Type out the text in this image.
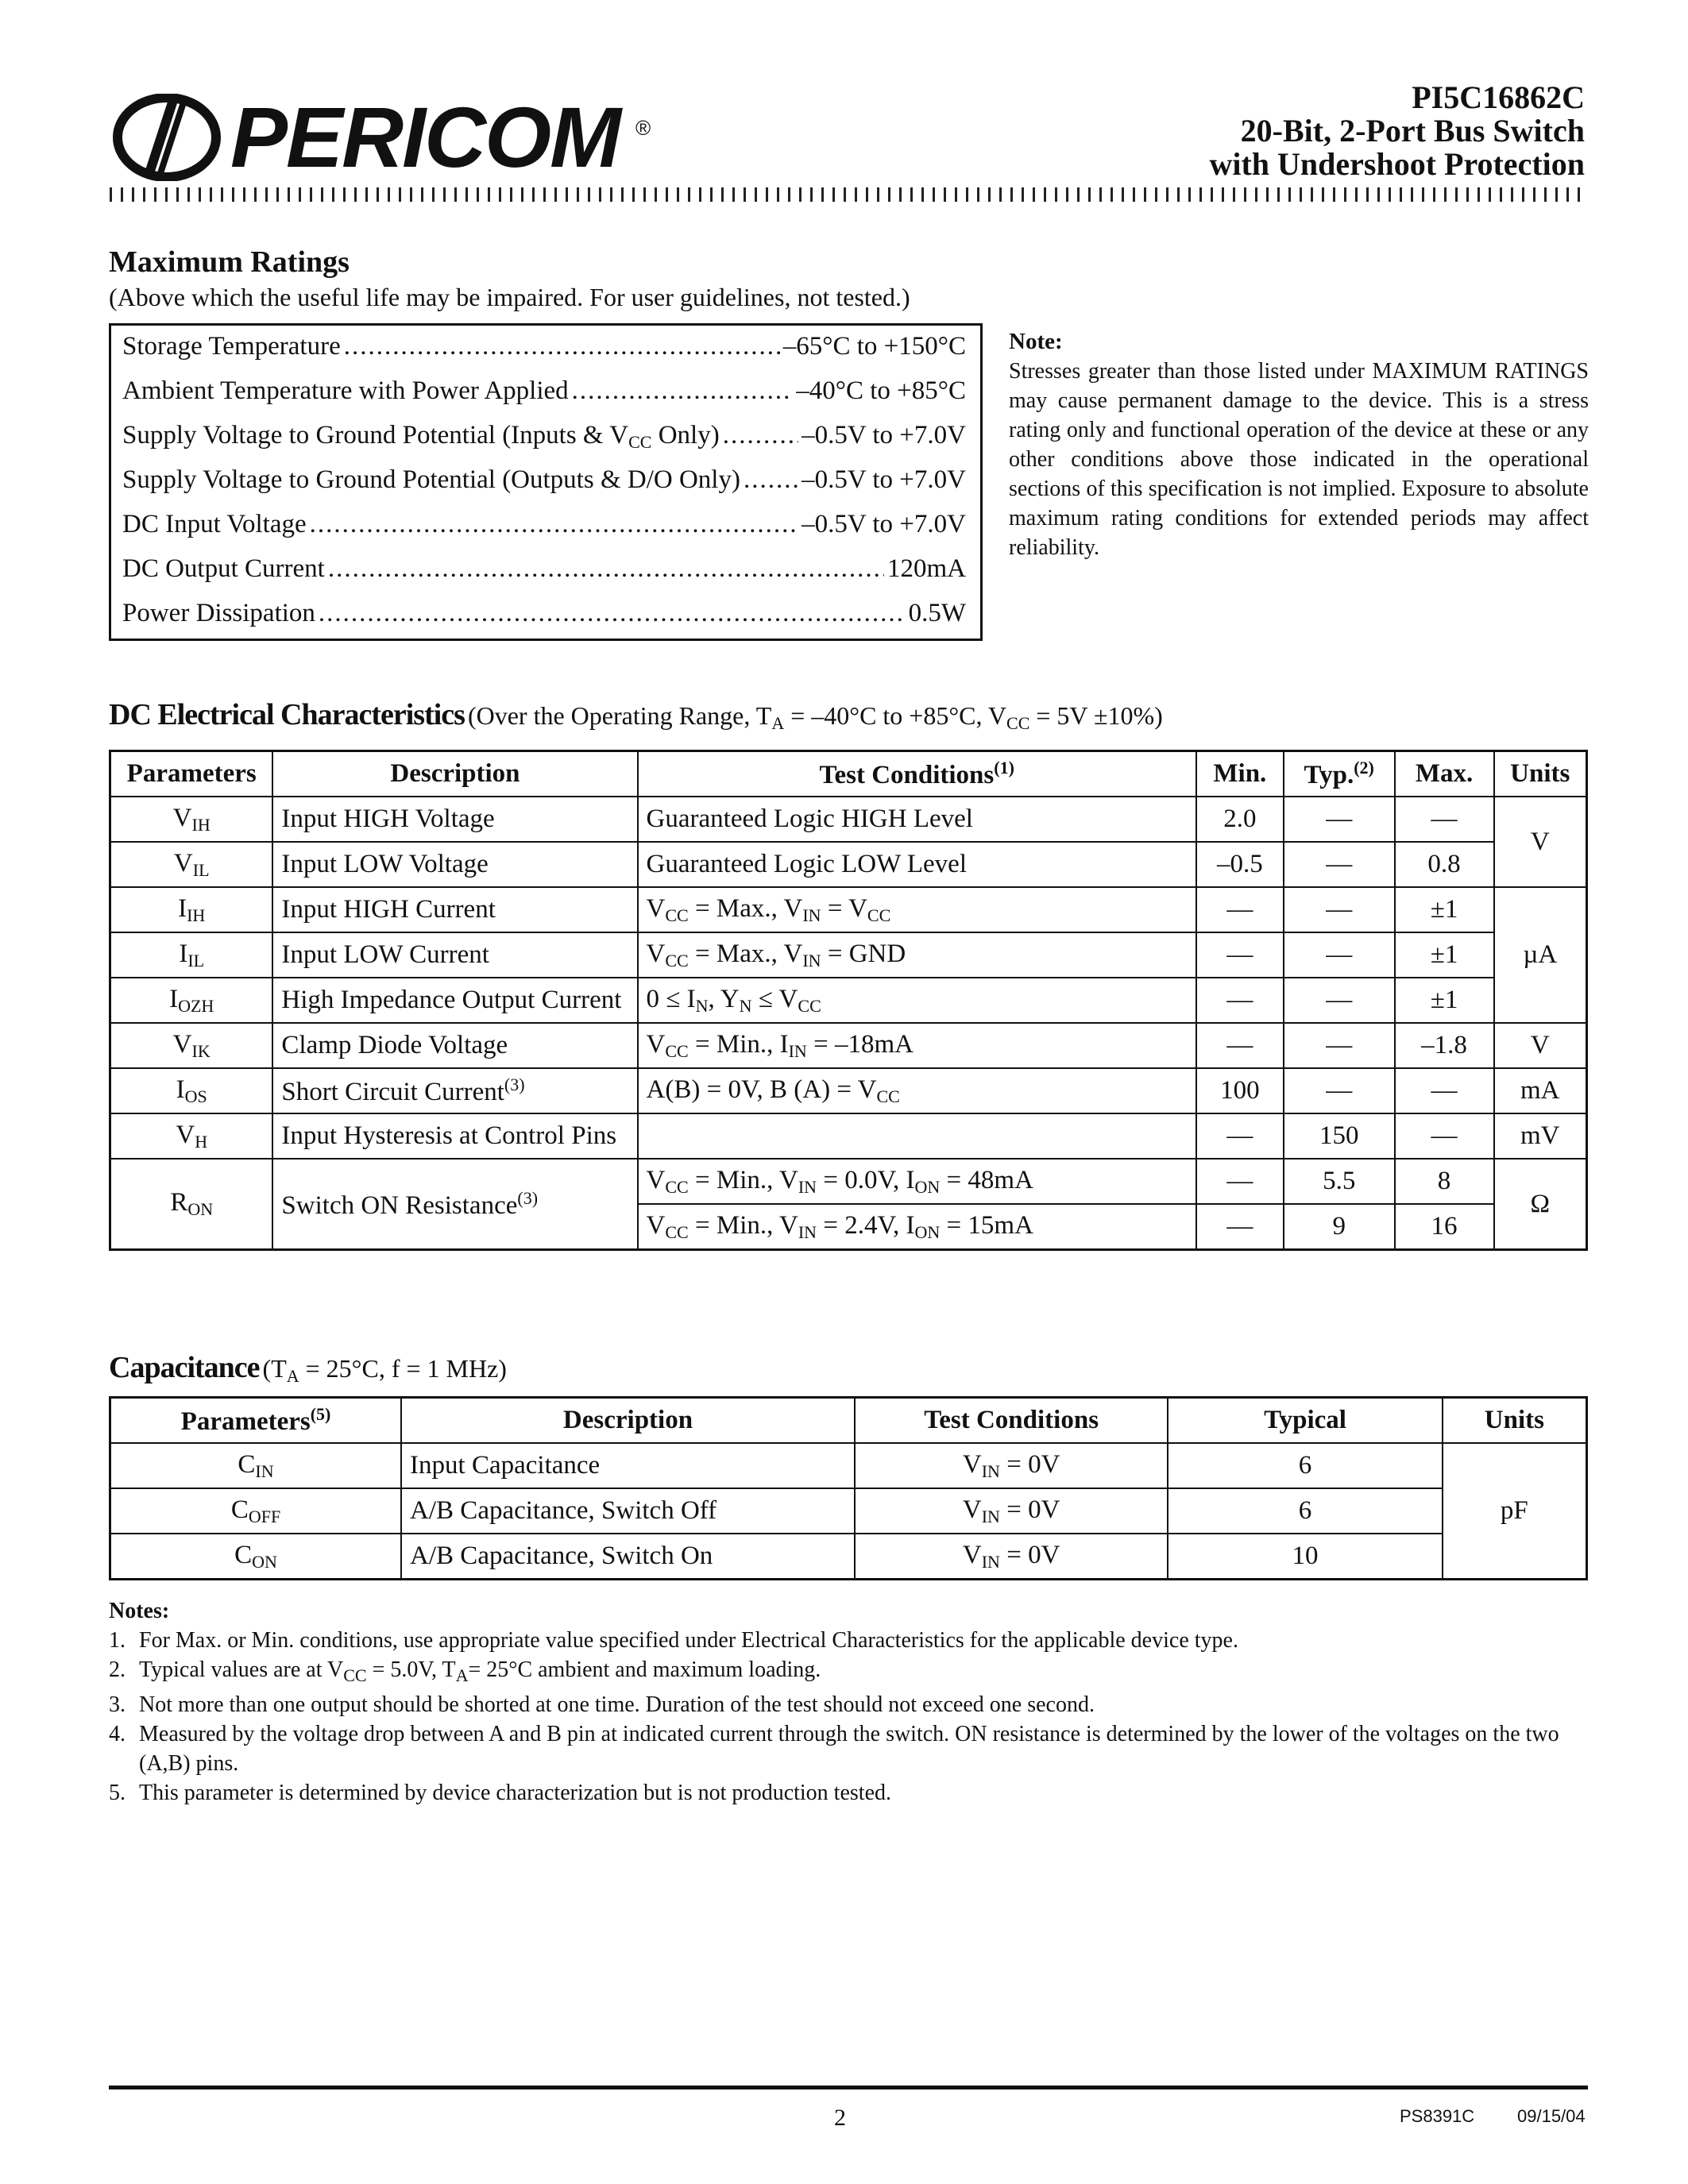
PERICOM ®
PI5C16862C
20-Bit, 2-Port Bus Switch
with Undershoot Protection
Maximum Ratings
(Above which the useful life may be impaired. For user guidelines, not tested.)
Storage Temperature .....	–65°C to +150°C
Ambient Temperature with Power Applied .....	–40°C to +85°C
Supply Voltage to Ground Potential (Inputs & $V_{CC}$ Only) .....	–0.5V to +7.0V
Supply Voltage to Ground Potential (Outputs & D/O Only) ..... –0.5V to +7.0V
DC Input Voltage .....	–0.5V to +7.0V
DC Output Current .....	120mA
Power Dissipation .....	0.5W
Note:
Stresses greater than those listed under MAXIMUM RATINGS may cause permanent damage to the device. This is a stress rating only and functional operation of the device at these or any other conditions above those indicated in the operational sections of this specification is not implied. Exposure to absolute maximum rating conditions for extended periods may affect reliability.
DC Electrical Characteristics (Over the Operating Range, $T_A = -40^\circ C$ to +85°C, $V_{CC} = 5V \pm 10\%$)
Parameters	Description	Test Conditions$^{(1)}$	Min.	Typ.$^{(2)}$	Max.	Units
$V_{IH}$	Input HIGH Voltage	Guaranteed Logic HIGH Level	2.0	—	—	V
$V_{IL}$	Input LOW Voltage	Guaranteed Logic LOW Level	–0.5	—	0.8	
$I_{IH}$	Input HIGH Current	$V_{CC}$ = Max., $V_{IN} = V_{CC}$	—	—	±1	µA
$I_{IL}$	Input LOW Current	$V_{CC}$ = Max., $V_{IN}$ = GND	—	—	±1	
$I_{OZH}$	High Impedance Output Current	$0 \le I_N$, $Y_N \le V_{CC}$	—	—	±1	
$V_{IK}$	Clamp Diode Voltage	$V_{CC}$ = Min., $I_{IN} = -18mA$	—	—	–1.8	V
$I_{OS}$	Short Circuit Current$^{(3)}$	A(B) = 0V, B $(A) = V_{CC}$	100	—	—	mA
$V_H$	Input Hysteresis at Control Pins		—	150	—	mV
$R_{ON}$	Switch ON Resistance$^{(3)}$	$V_{CC}$ = Min., $V_{IN} = 0.0V$, $I_{ON} = 48mA$	—	5.5	8	Ω
		$V_{CC}$ = Min., $V_{IN} = 2.4V$, $I_{ON} = 15mA$	—	9	16	
Capacitance ($T_A = 25^\circ C$, f = 1 MHz)
Parameters$^{(5)}$	Description	Test Conditions	Typical	Units
$C_{IN}$	Input Capacitance	$V_{IN} = 0V$	6	pF
$C_{OFF}$	A/B Capacitance, Switch Off	$V_{IN} = 0V$	6	
$C_{ON}$	A/B Capacitance, Switch On	$V_{IN} = 0V$	10	
Notes:
1. For Max. or Min. conditions, use appropriate value specified under Electrical Characteristics for the applicable device type.
2. Typical values are at $V_{CC} = 5.0V$, $T_A= 25^\circ C$ ambient and maximum loading.
3. Not more than one output should be shorted at one time. Duration of the test should not exceed one second.
4. Measured by the voltage drop between A and B pin at indicated current through the switch. ON resistance is determined by the lower of the voltages on the two (A,B) pins.
5. This parameter is determined by device characterization but is not production tested.
2	PS8391C 09/15/04
